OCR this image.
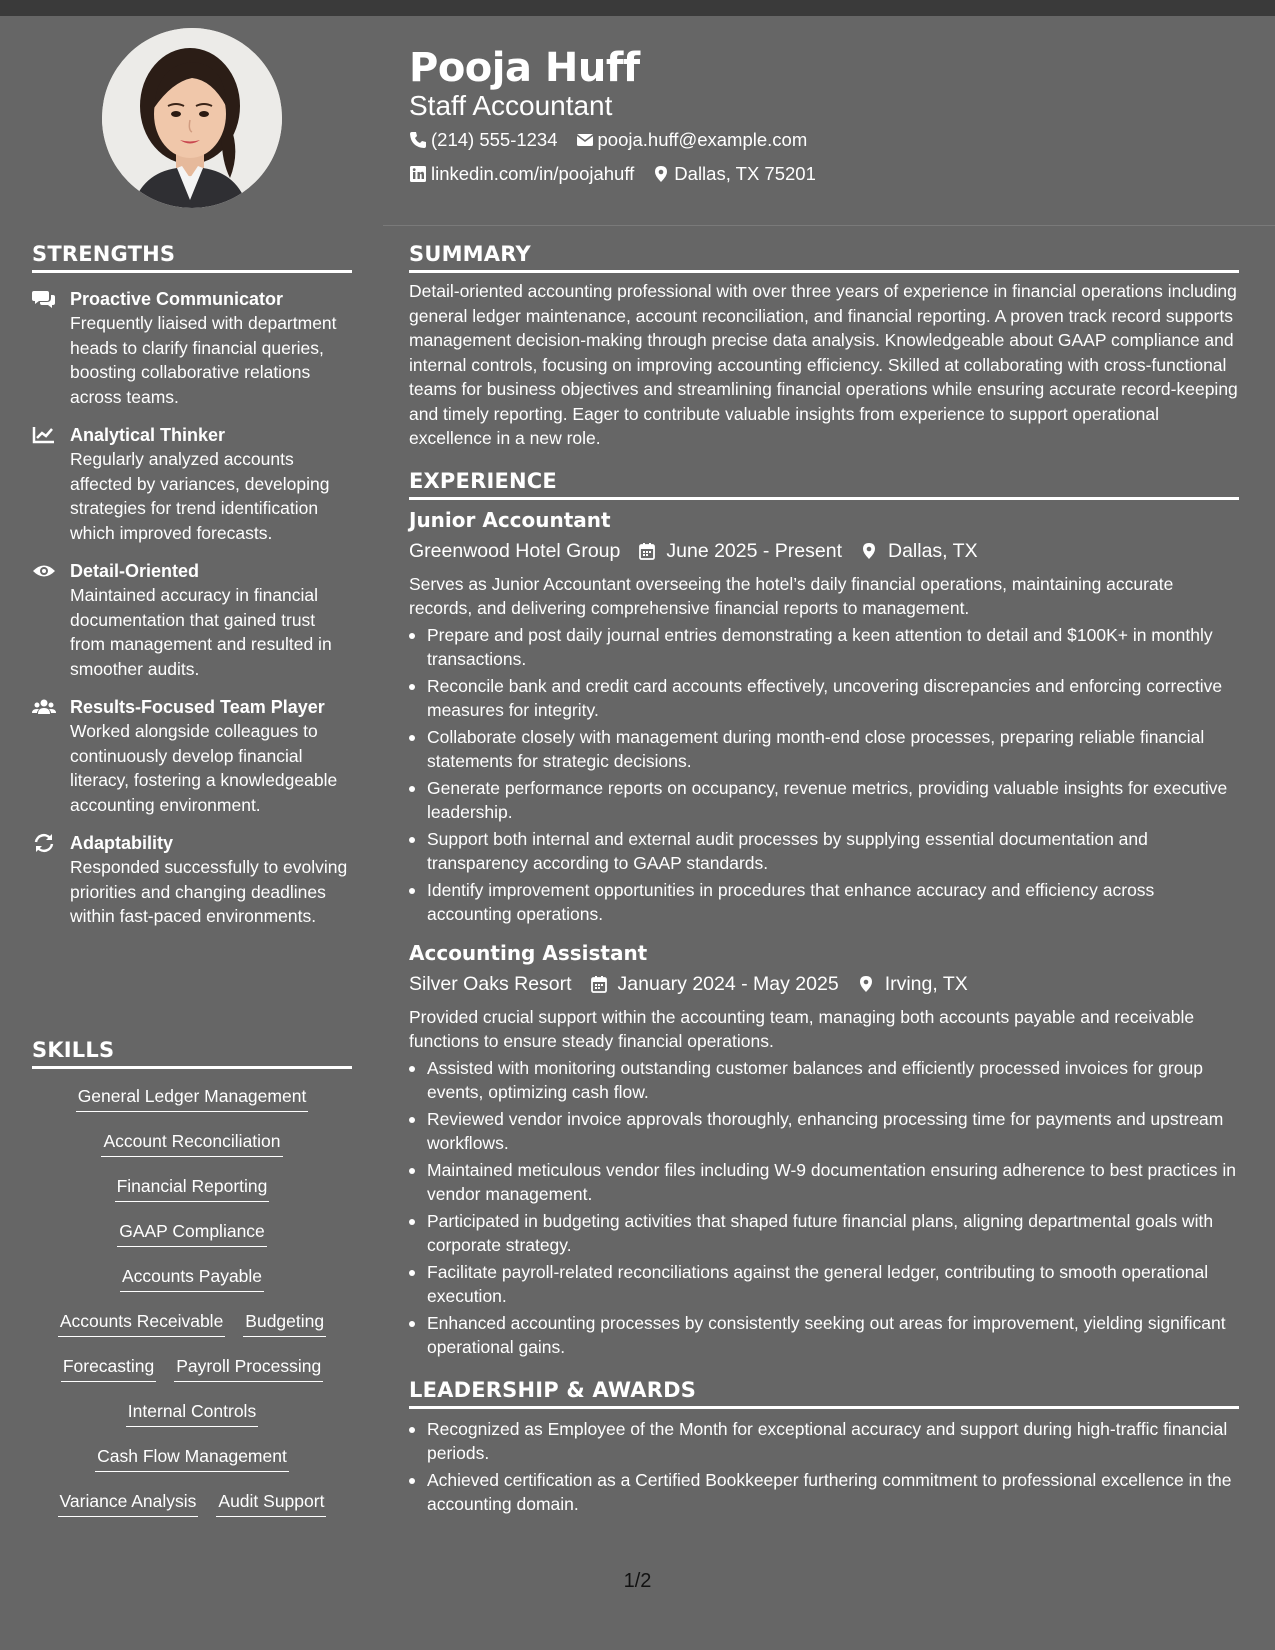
STRENGTHS
Proactive Communicator
Frequently liaised with department heads to clarify financial queries, boosting collaborative relations across teams.
Analytical Thinker
Regularly analyzed accounts affected by variances, developing strategies for trend identification which improved forecasts.
Detail-Oriented
Maintained accuracy in financial documentation that gained trust from management and resulted in smoother audits.
Results-Focused Team Player
Worked alongside colleagues to continuously develop financial literacy, fostering a knowledgeable accounting environment.
Adaptability
Responded successfully to evolving priorities and changing deadlines within fast-paced environments.
SKILLS
General Ledger Management
Account Reconciliation
Financial Reporting
GAAP Compliance
Accounts Payable
Accounts Receivable Budgeting
Forecasting Payroll Processing
Internal Controls
Cash Flow Management
Variance Analysis Audit Support
Pooja Huff
Staff Accountant
(214) 555-1234 pooja.huff@example.com
linkedin.com/in/poojahuff Dallas, TX 75201
SUMMARY
Detail-oriented accounting professional with over three years of experience in financial operations including general ledger maintenance, account reconciliation, and financial reporting. A proven track record supports management decision-making through precise data analysis. Knowledgeable about GAAP compliance and internal controls, focusing on improving accounting efficiency. Skilled at collaborating with cross-functional teams for business objectives and streamlining financial operations while ensuring accurate record-keeping and timely reporting. Eager to contribute valuable insights from experience to support operational excellence in a new role.
EXPERIENCE
Junior Accountant
Greenwood Hotel Group June 2025 - Present Dallas, TX
Serves as Junior Accountant overseeing the hotel’s daily financial operations, maintaining accurate records, and delivering comprehensive financial reports to management.
Prepare and post daily journal entries demonstrating a keen attention to detail and $100K+ in monthly transactions.
Reconcile bank and credit card accounts effectively, uncovering discrepancies and enforcing corrective measures for integrity.
Collaborate closely with management during month-end close processes, preparing reliable financial statements for strategic decisions.
Generate performance reports on occupancy, revenue metrics, providing valuable insights for executive leadership.
Support both internal and external audit processes by supplying essential documentation and transparency according to GAAP standards.
Identify improvement opportunities in procedures that enhance accuracy and efficiency across accounting operations.
Accounting Assistant
Silver Oaks Resort January 2024 - May 2025 Irving, TX
Provided crucial support within the accounting team, managing both accounts payable and receivable functions to ensure steady financial operations.
Assisted with monitoring outstanding customer balances and efficiently processed invoices for group events, optimizing cash flow.
Reviewed vendor invoice approvals thoroughly, enhancing processing time for payments and upstream workflows.
Maintained meticulous vendor files including W-9 documentation ensuring adherence to best practices in vendor management.
Participated in budgeting activities that shaped future financial plans, aligning departmental goals with corporate strategy.
Facilitate payroll-related reconciliations against the general ledger, contributing to smooth operational execution.
Enhanced accounting processes by consistently seeking out areas for improvement, yielding significant operational gains.
LEADERSHIP & AWARDS
Recognized as Employee of the Month for exceptional accuracy and support during high-traffic financial periods.
Achieved certification as a Certified Bookkeeper furthering commitment to professional excellence in the accounting domain.
1/2
